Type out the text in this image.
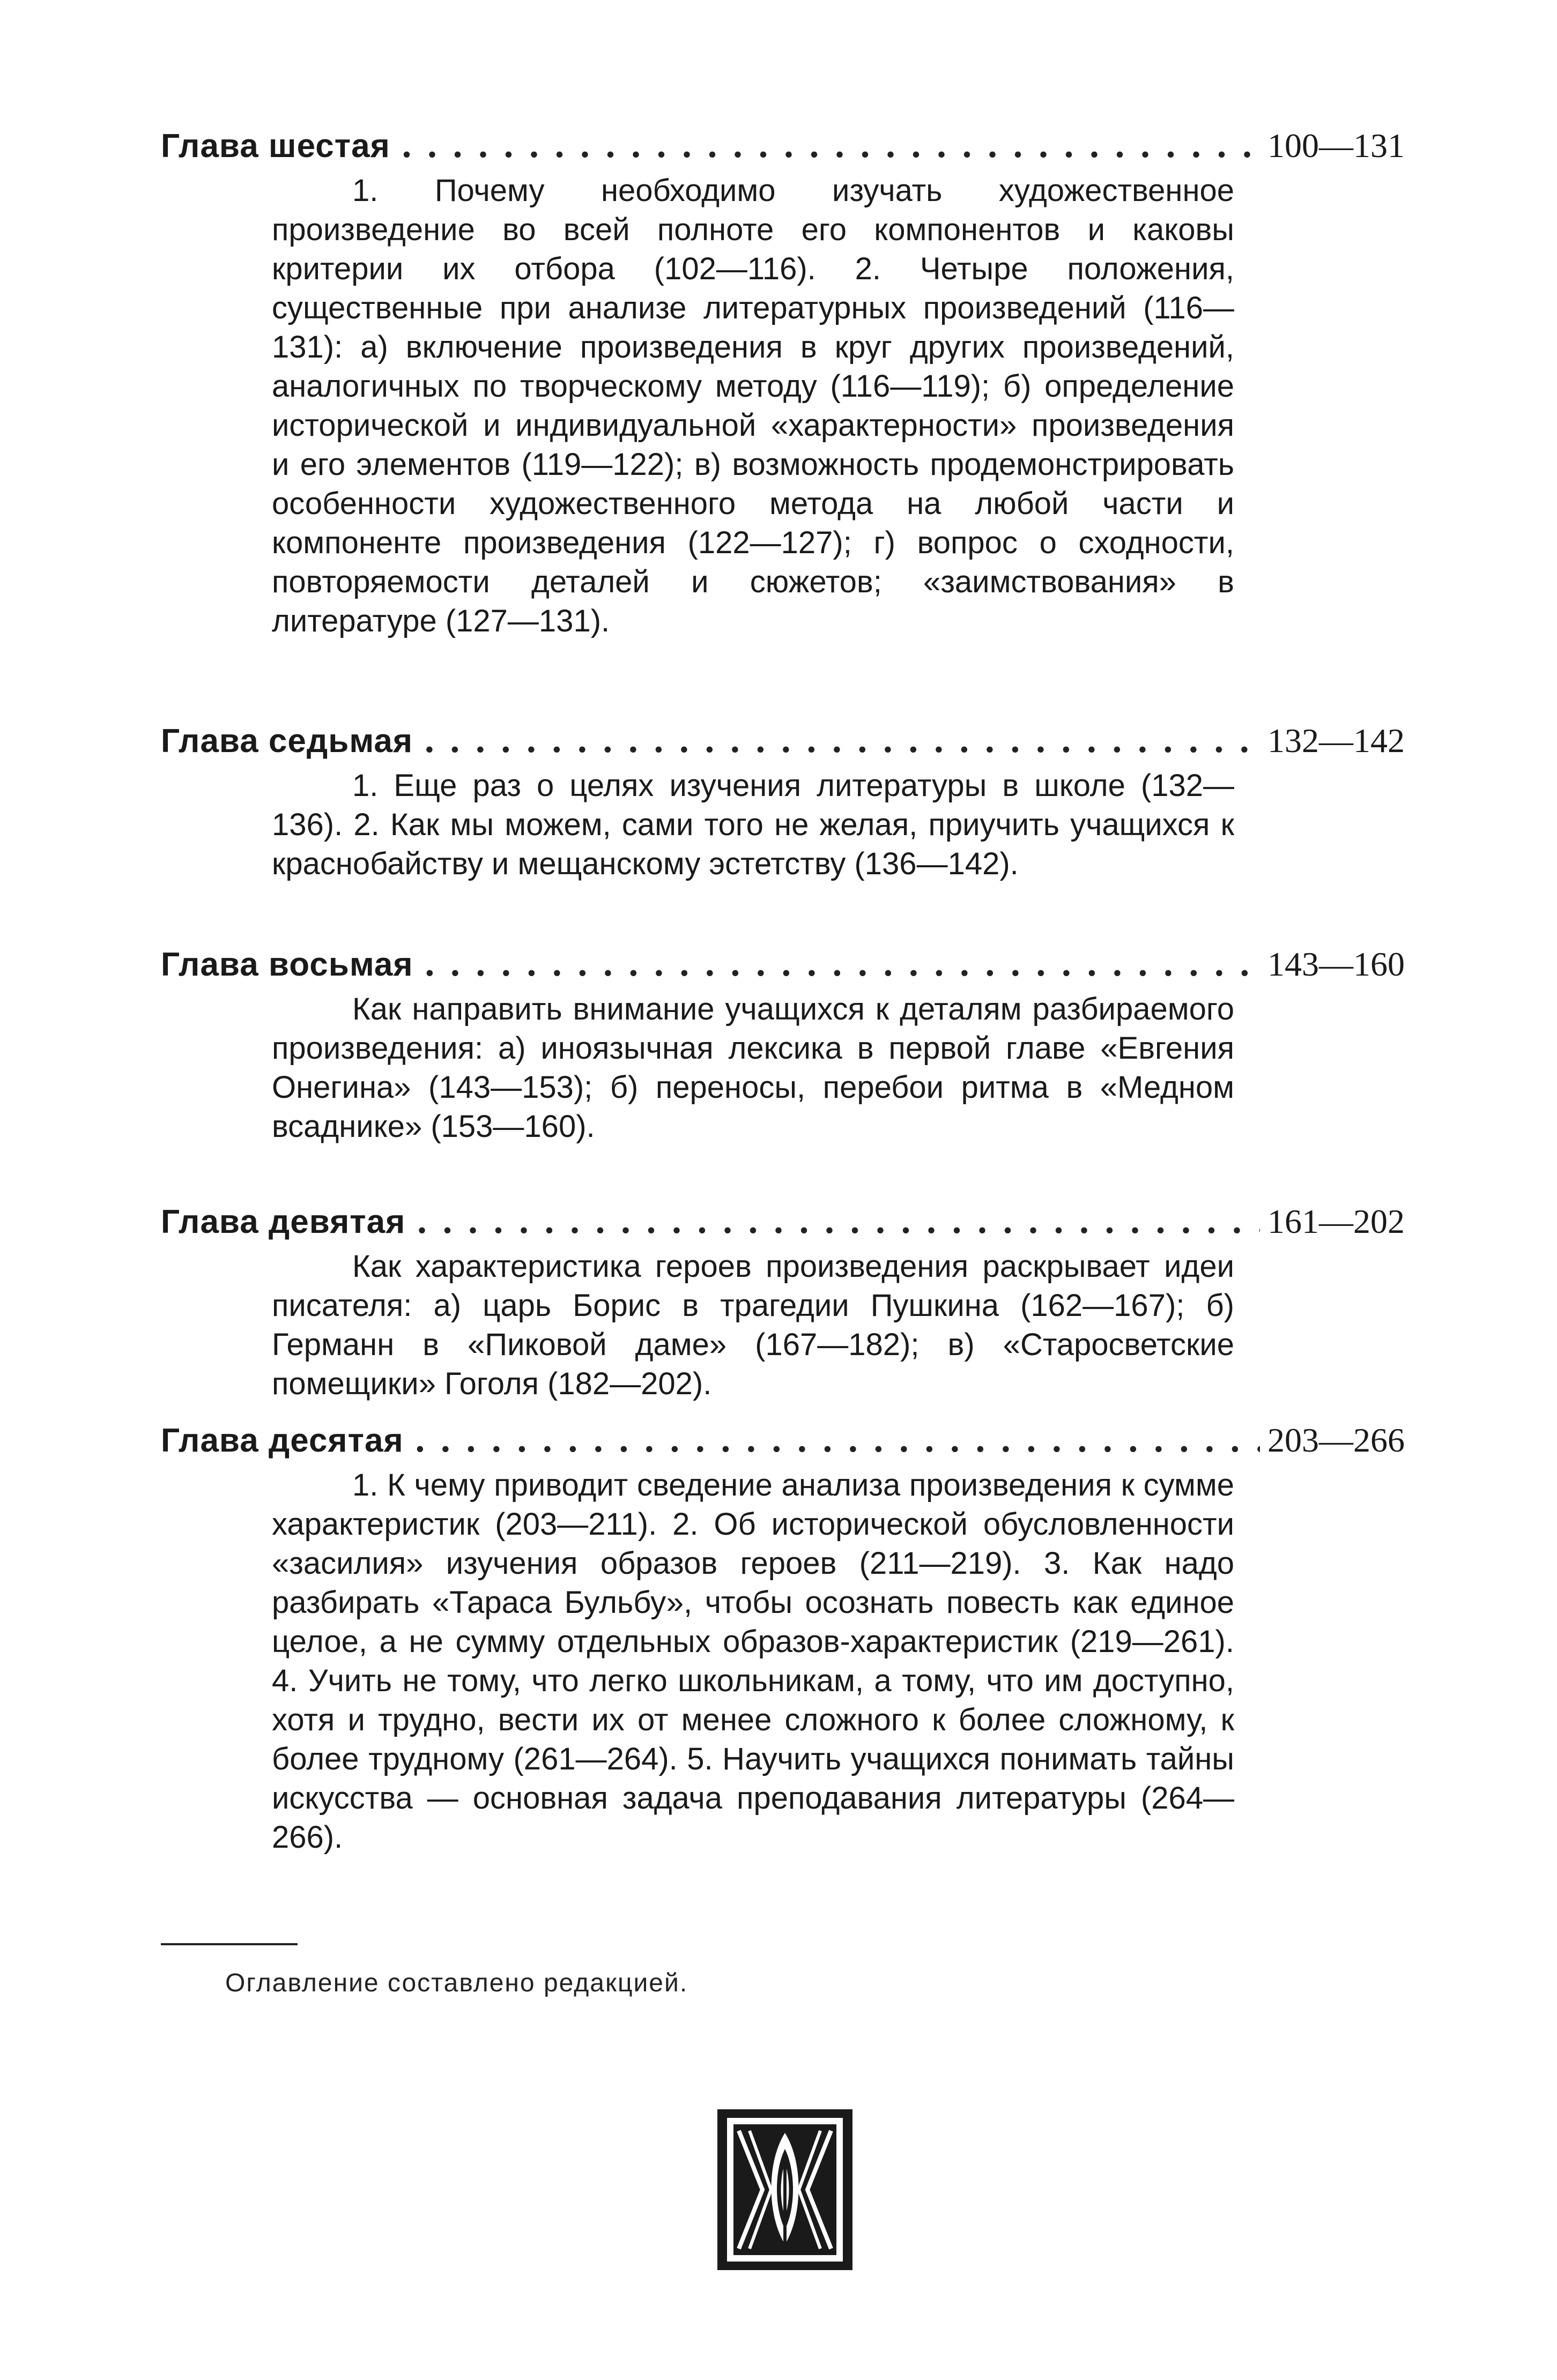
Глава шестая .....	100—131
1. Почему необходимо изучать художественное произведение во всей полноте его компонентов и каковы критерии их отбора (102—116). 2. Четыре положения, существенные при анализе литературных произведений (116—131): а) включение произведения в круг других произведений, аналогичных по творческому методу (116—119); б) определение исторической и индивидуальной «характерности» произведения и его элементов (119—122); в) возможность продемонстрировать особенности художественного метода на любой части и компоненте произведения (122—127); г) вопрос о сходности, повторяемости деталей и сюжетов; «заимствования» в литературе (127—131).
Глава седьмая .....	132—142
1. Еще раз о целях изучения литературы в школе (132—136). 2. Как мы можем, сами того не желая, приучить учащихся к краснобайству и мещанскому эстетству (136—142).
Глава восьмая .....	143—160
Как направить внимание учащихся к деталям разбираемого произведения: а) иноязычная лексика в первой главе «Евгения Онегина» (143—153); б) переносы, перебои ритма в «Медном всаднике» (153—160).
Глава девятая .....	161—202
Как характеристика героев произведения раскрывает идеи писателя: а) царь Борис в трагедии Пушкина (162—167); б) Германн в «Пиковой даме» (167—182); в) «Старосветские помещики» Гоголя (182—202).
Глава десятая .....	203—266
1. К чему приводит сведение анализа произведения к сумме характеристик (203—211). 2. Об исторической обусловленности «засилия» изучения образов героев (211—219). 3. Как надо разбирать «Тараса Бульбу», чтобы осознать повесть как единое целое, а не сумму отдельных образов-характеристик (219—261). 4. Учить не тому, что легко школьникам, а тому, что им доступно, хотя и трудно, вести их от менее сложного к более сложному, к более трудному (261—264). 5. Научить учащихся понимать тайны искусства — основная задача преподавания литературы (264—266).
Оглавление составлено редакцией.
